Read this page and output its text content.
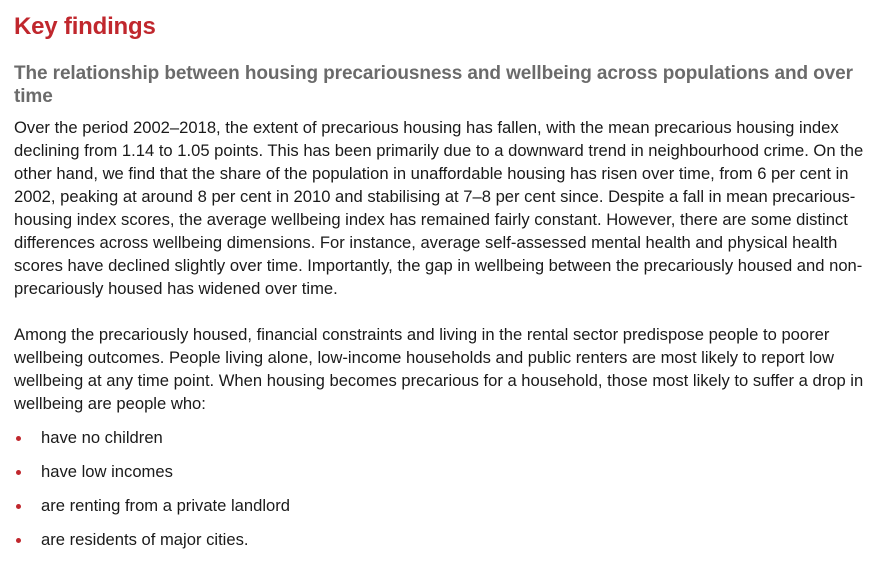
Key findings
The relationship between housing precariousness and wellbeing across populations and over time

Over the period 2002–2018, the extent of precarious housing has fallen, with the mean precarious housing index declining from 1.14 to 1.05 points. This has been primarily due to a downward trend in neighbourhood crime. On the other hand, we find that the share of the population in unaffordable housing has risen over time, from 6 per cent in 2002, peaking at around 8 per cent in 2010 and stabilising at 7–8 per cent since. Despite a fall in mean precarious-housing index scores, the average wellbeing index has remained fairly constant. However, there are some distinct differences across wellbeing dimensions. For instance, average self-assessed mental health and physical health scores have declined slightly over time. Importantly, the gap in wellbeing between the precariously housed and non-precariously housed has widened over time.

Among the precariously housed, financial constraints and living in the rental sector predispose people to poorer wellbeing outcomes. People living alone, low-income households and public renters are most likely to report low wellbeing at any time point. When housing becomes precarious for a household, those most likely to suffer a drop in wellbeing are people who:

have no children
have low incomes
are renting from a private landlord
are residents of major cities.
